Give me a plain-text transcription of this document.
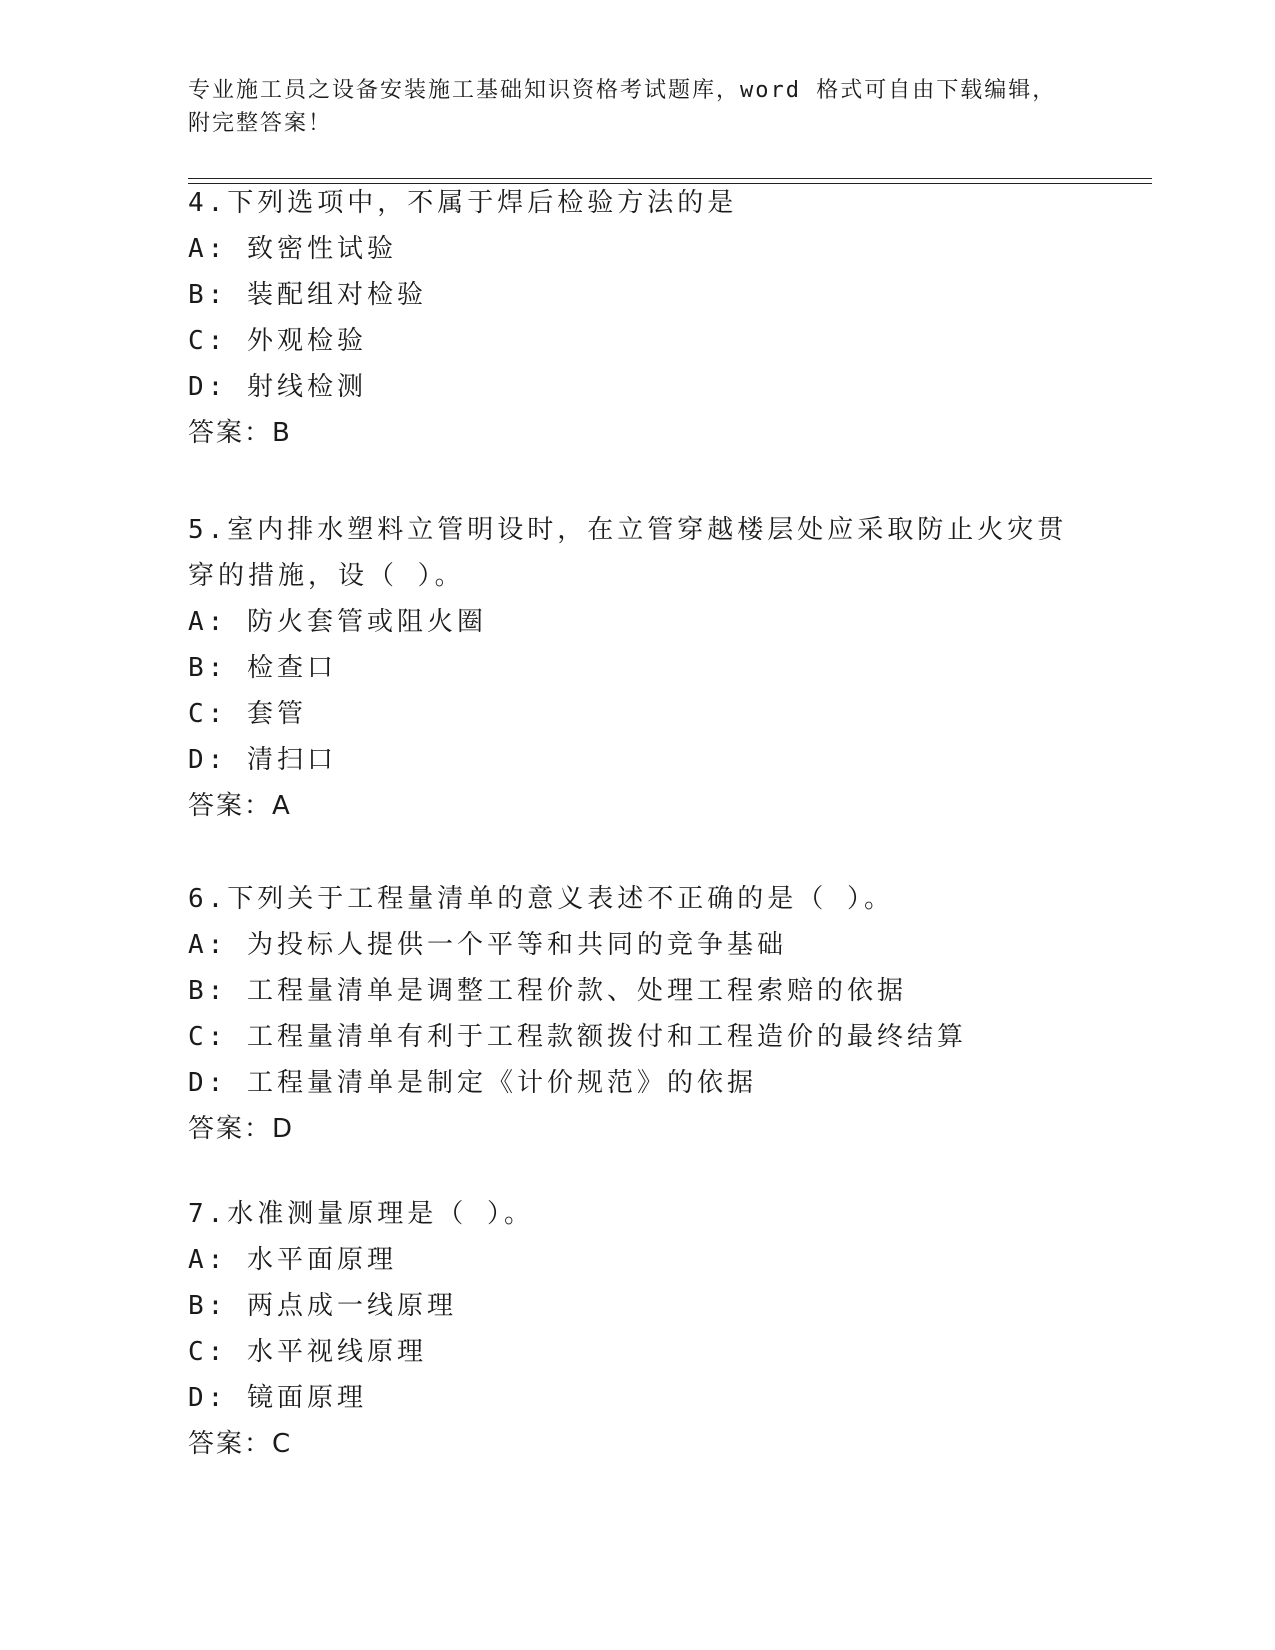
专业施工员之设备安装施工基础知识资格考试题库，word 格式可自由下载编辑，
附完整答案！

4.下列选项中，不属于焊后检验方法的是

A: 致密性试验

B: 装配组对检验

C: 外观检验

D: 射线检测

答案：B

5.室内排水塑料立管明设时，在立管穿越楼层处应采取防止火灾贯穿的措施，设（ ）。

A: 防火套管或阻火圈

B: 检查口

C: 套管

D: 清扫口

答案：A

6.下列关于工程量清单的意义表述不正确的是（ ）。

A: 为投标人提供一个平等和共同的竞争基础

B: 工程量清单是调整工程价款、处理工程索赔的依据

C: 工程量清单有利于工程款额拨付和工程造价的最终结算

D: 工程量清单是制定《计价规范》的依据

答案：D

7.水准测量原理是（ ）。

A: 水平面原理

B: 两点成一线原理

C: 水平视线原理

D: 镜面原理

答案：C
